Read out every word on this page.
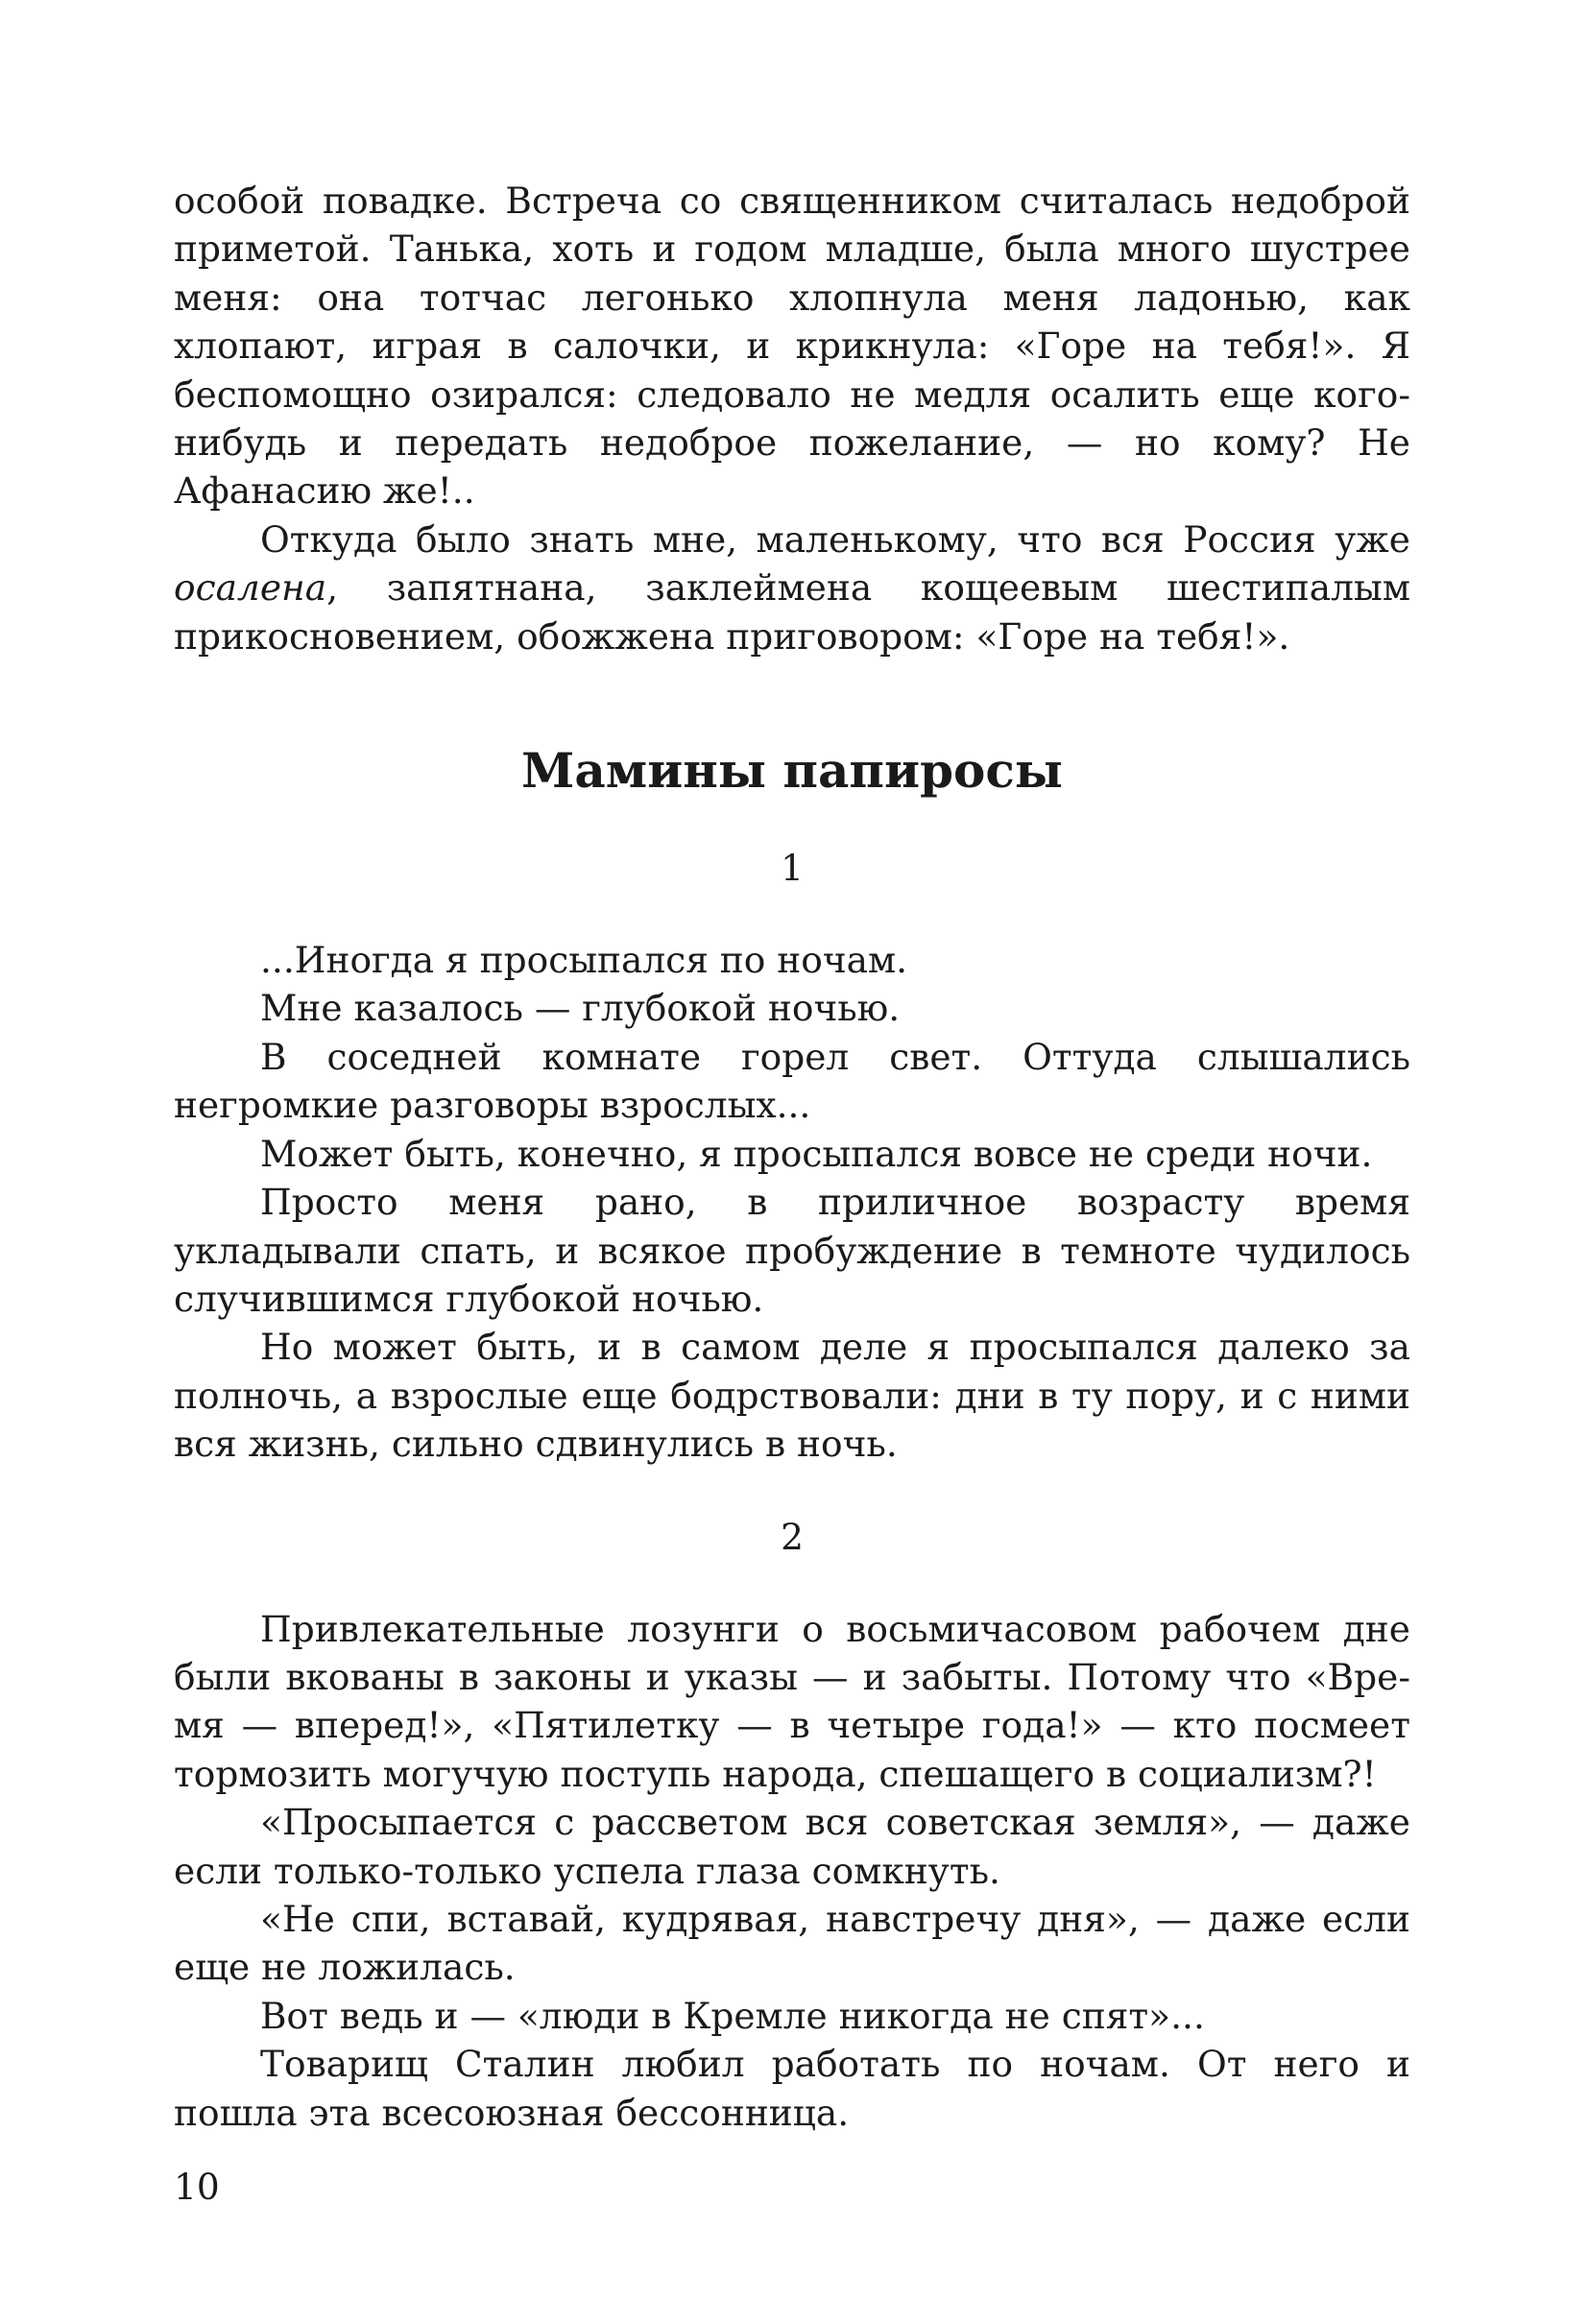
особой повадке. Встреча со священником считалась недоброй приметой. Танька, хоть и годом младше, была много шустрее меня: она тотчас легонько хлопнула меня ладонью, как хлопают, играя в салочки, и крикнула: «Горе на тебя!». Я беспомощно озирался: следовало не медля осалить еще кого-нибудь и передать недоброе пожелание, — но кому? Не Афанасию же!..

Откуда было знать мне, маленькому, что вся Россия уже осалена, запятнана, заклеймена кощеевым шестипалым прикосновением, обожжена приговором: «Горе на тебя!».

Мамины папиросы
1

...Иногда я просыпался по ночам.

Мне казалось — глубокой ночью.

В соседней комнате горел свет. Оттуда слышались негромкие разговоры взрослых...

Может быть, конечно, я просыпался вовсе не среди ночи.

Просто меня рано, в приличное возрасту время укладывали спать, и всякое пробуждение в темноте чудилось случившимся глубокой ночью.

Но может быть, и в самом деле я просыпался далеко за полночь, а взрослые еще бодрствовали: дни в ту пору, и с ними вся жизнь, сильно сдвинулись в ночь.

2

Привлекательные лозунги о восьмичасовом рабочем дне были вкованы в законы и указы — и забыты. Потому что «Время — вперед!», «Пятилетку — в четыре года!» — кто посмеет тормозить могучую поступь народа, спешащего в социализм?!

«Просыпается с рассветом вся советская земля», — даже если только-только успела глаза сомкнуть.

«Не спи, вставай, кудрявая, навстречу дня», — даже если еще не ложилась.

Вот ведь и — «люди в Кремле никогда не спят»...

Товарищ Сталин любил работать по ночам. От него и пошла эта всесоюзная бессонница.

10
